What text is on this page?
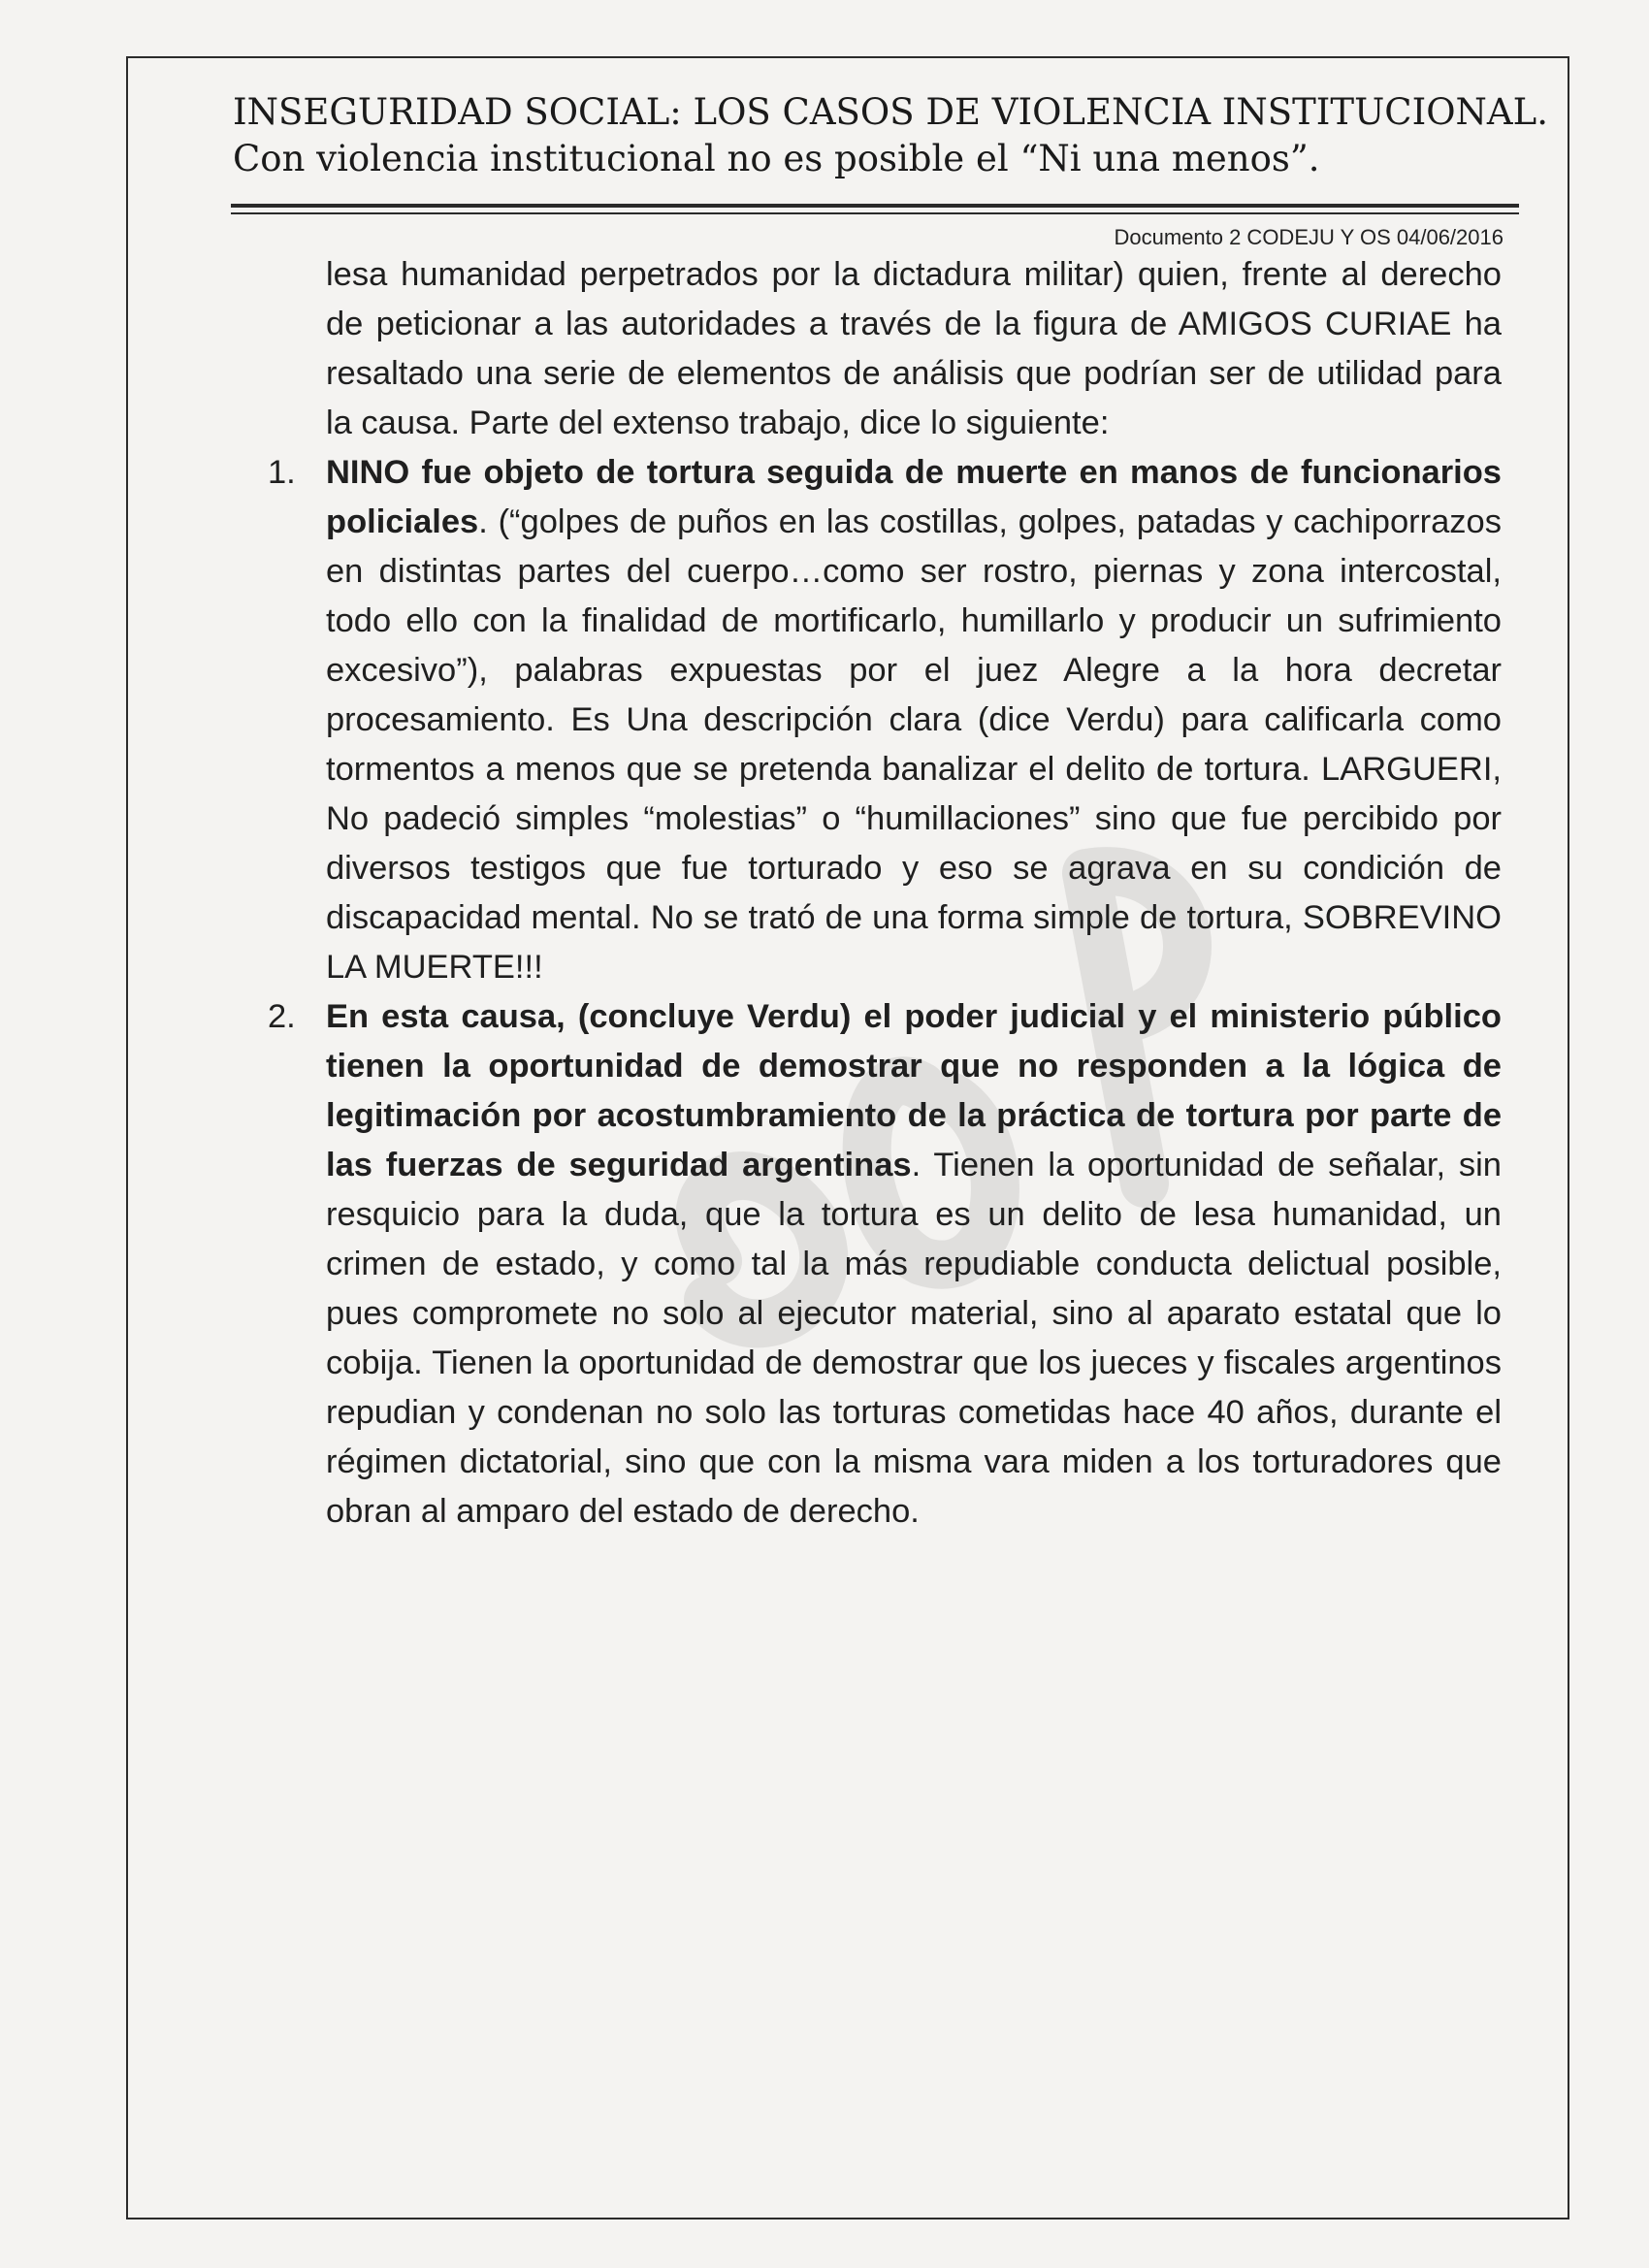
INSEGURIDAD SOCIAL: LOS CASOS DE VIOLENCIA INSTITUCIONAL.
Con violencia institucional no es posible el “Ni una menos”.
Documento 2 CODEJU Y OS 04/06/2016

lesa humanidad perpetrados por la dictadura militar) quien, frente al derecho de peticionar a las autoridades a través de la figura de AMIGOS CURIAE ha resaltado una serie de elementos de análisis que podrían ser de utilidad para la causa. Parte del extenso trabajo, dice lo siguiente:

1. NINO fue objeto de tortura seguida de muerte en manos de funcionarios policiales. (“golpes de puños en las costillas, golpes, patadas y cachiporrazos en distintas partes del cuerpo…como ser rostro, piernas y zona intercostal, todo ello con la finalidad de mortificarlo, humillarlo y producir un sufrimiento excesivo”), palabras expuestas por el juez Alegre a la hora decretar procesamiento. Es Una descripción clara (dice Verdu) para calificarla como tormentos a menos que se pretenda banalizar el delito de tortura. LARGUERI, No padeció simples “molestias” o “humillaciones” sino que fue percibido por diversos testigos que fue torturado y eso se agrava en su condición de discapacidad mental. No se trató de una forma simple de tortura, SOBREVINO LA MUERTE!!!
2. En esta causa, (concluye Verdu) el poder judicial y el ministerio público tienen la oportunidad de demostrar que no responden a la lógica de legitimación por acostumbramiento de la práctica de tortura por parte de las fuerzas de seguridad argentinas. Tienen la oportunidad de señalar, sin resquicio para la duda, que la tortura es un delito de lesa humanidad, un crimen de estado, y como tal la más repudiable conducta delictual posible, pues compromete no solo al ejecutor material, sino al aparato estatal que lo cobija. Tienen la oportunidad de demostrar que los jueces y fiscales argentinos repudian y condenan no solo las torturas cometidas hace 40 años, durante el régimen dictatorial, sino que con la misma vara miden a los torturadores que obran al amparo del estado de derecho.
